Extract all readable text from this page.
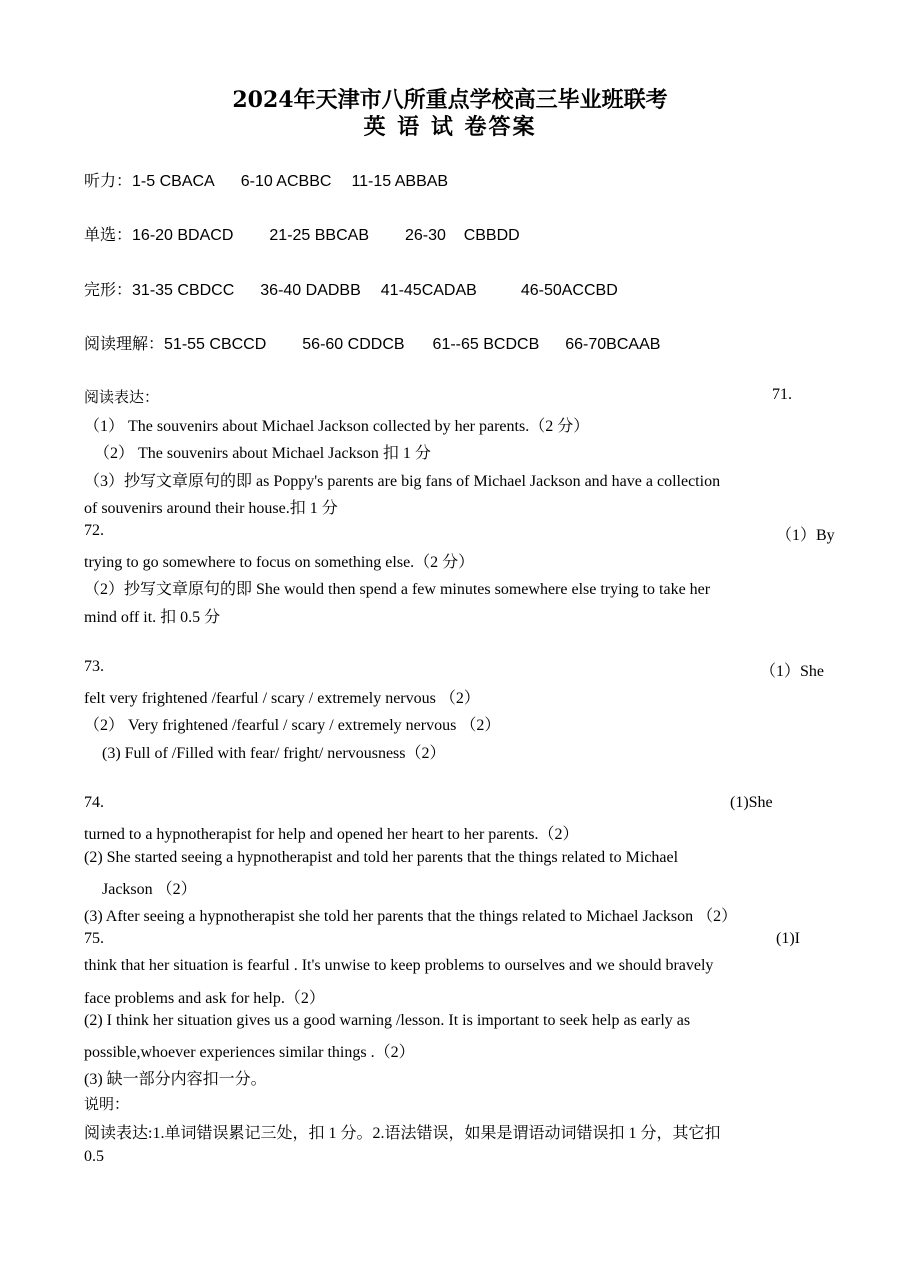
2024年天津市八所重点学校高三毕业班联考
英 语 试 卷答案
听力：1-5 CBACA 6-10 ACBBC 11-15 ABBAB
单选：16-20 BDACD 21-25 BBCAB 26-30    CBBDD
完形：31-35 CBDCC 36-40 DADBB 41-45CADAB	46-50ACCBD
阅读理解：51-55 CBCCD 56-60 CDDCB 61--65 BCDCB 66-70BCAAB
阅读表达：	71.
（1） The souvenirs about Michael Jackson collected by her parents.（2 分）
（2） The souvenirs about Michael Jackson 扣 1 分
（3）抄写文章原句的即 as Poppy's parents are big fans of Michael Jackson and have a collection
of souvenirs around their house.扣 1 分
72.	（1）By
trying to go somewhere to focus on something else.（2 分）
（2）抄写文章原句的即 She would then spend a few minutes somewhere else trying to take her
mind off it. 扣 0.5 分
73.	（1）She
felt very frightened /fearful / scary / extremely nervous （2）
（2） Very frightened /fearful / scary / extremely nervous （2）
(3) Full of /Filled with fear/ fright/ nervousness（2）
74.	(1)She
turned to a hypnotherapist for help and opened her heart to her parents.（2）
(2) She started seeing a hypnotherapist and told her parents that the things related to Michael
Jackson （2）
(3) After seeing a hypnotherapist she told her parents that the things related to Michael Jackson （2）
75.	(1)I
think that her situation is fearful . It's unwise to keep problems to ourselves and we should bravely
face problems and ask for help.（2）
(2) I think her situation gives us a good warning /lesson. It is important to seek help as early as
possible,whoever experiences similar things .（2）
(3) 缺一部分内容扣一分。
说明：
阅读表达:1.单词错误累记三处，扣 1 分。2.语法错误，如果是谓语动词错误扣 1 分，其它扣
0.5
